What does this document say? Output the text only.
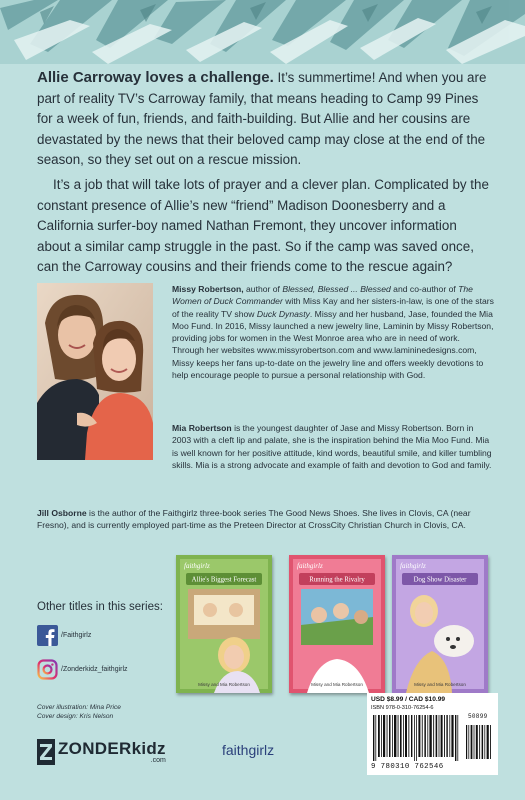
Allie Carroway loves a challenge. It’s summertime! And when you are part of reality TV’s Carroway family, that means heading to Camp 99 Pines for a week of fun, friends, and faith-building. But Allie and her cousins are devastated by the news that their beloved camp may close at the end of the season, so they set out on a rescue mission.

It’s a job that will take lots of prayer and a clever plan. Complicated by the constant presence of Allie’s new “friend” Madison Doonesberry and a California surfer-boy named Nathan Fremont, they uncover information about a similar camp struggle in the past. So if the camp was saved once, can the Carroway cousins and their friends come to the rescue again?

Missy Robertson, author of Blessed, Blessed ... Blessed and co-author of The Women of Duck Commander with Miss Kay and her sisters-in-law, is one of the stars of the reality TV show Duck Dynasty. Missy and her husband, Jase, founded the Mia Moo Fund. In 2016, Missy launched a new jewelry line, Laminin by Missy Robertson, providing jobs for women in the West Monroe area who are in need of work. Through her websites www.missyrobertson.com and www.lamininedesigns.com, Missy keeps her fans up-to-date on the jewelry line and offers weekly devotions to help encourage people to pursue a personal relationship with God.
Mia Robertson is the youngest daughter of Jase and Missy Robertson. Born in 2003 with a cleft lip and palate, she is the inspiration behind the Mia Moo Fund. Mia is well known for her positive attitude, kind words, beautiful smile, and killer tumbling skills. Mia is a strong advocate and example of faith and devotion to God and family.
Jill Osborne is the author of the Faithgirlz three-book series The Good News Shoes. She lives in Clovis, CA (near Fresno), and is currently employed part-time as the Preteen Director at CrossCity Christian Church in Clovis, CA.
Other titles in this series:
faithgirlz
Allie's Biggest Forecast
Missy and Mia Robertson
faithgirlz
Running the Rivalry
Missy and Mia Robertson
faithgirlz
Dog Show Disaster
Missy and Mia Robertson
/Faithgirlz
/Zonderkidz_faithgirlz
Cover illustration: Mina Price
Cover design: Kris Nelson
ZONDERkidz
.com
faithgirlz
USD $8.99 / CAD $10.99
ISBN 978-0-310-76254-6
50899
9 780310 762546
